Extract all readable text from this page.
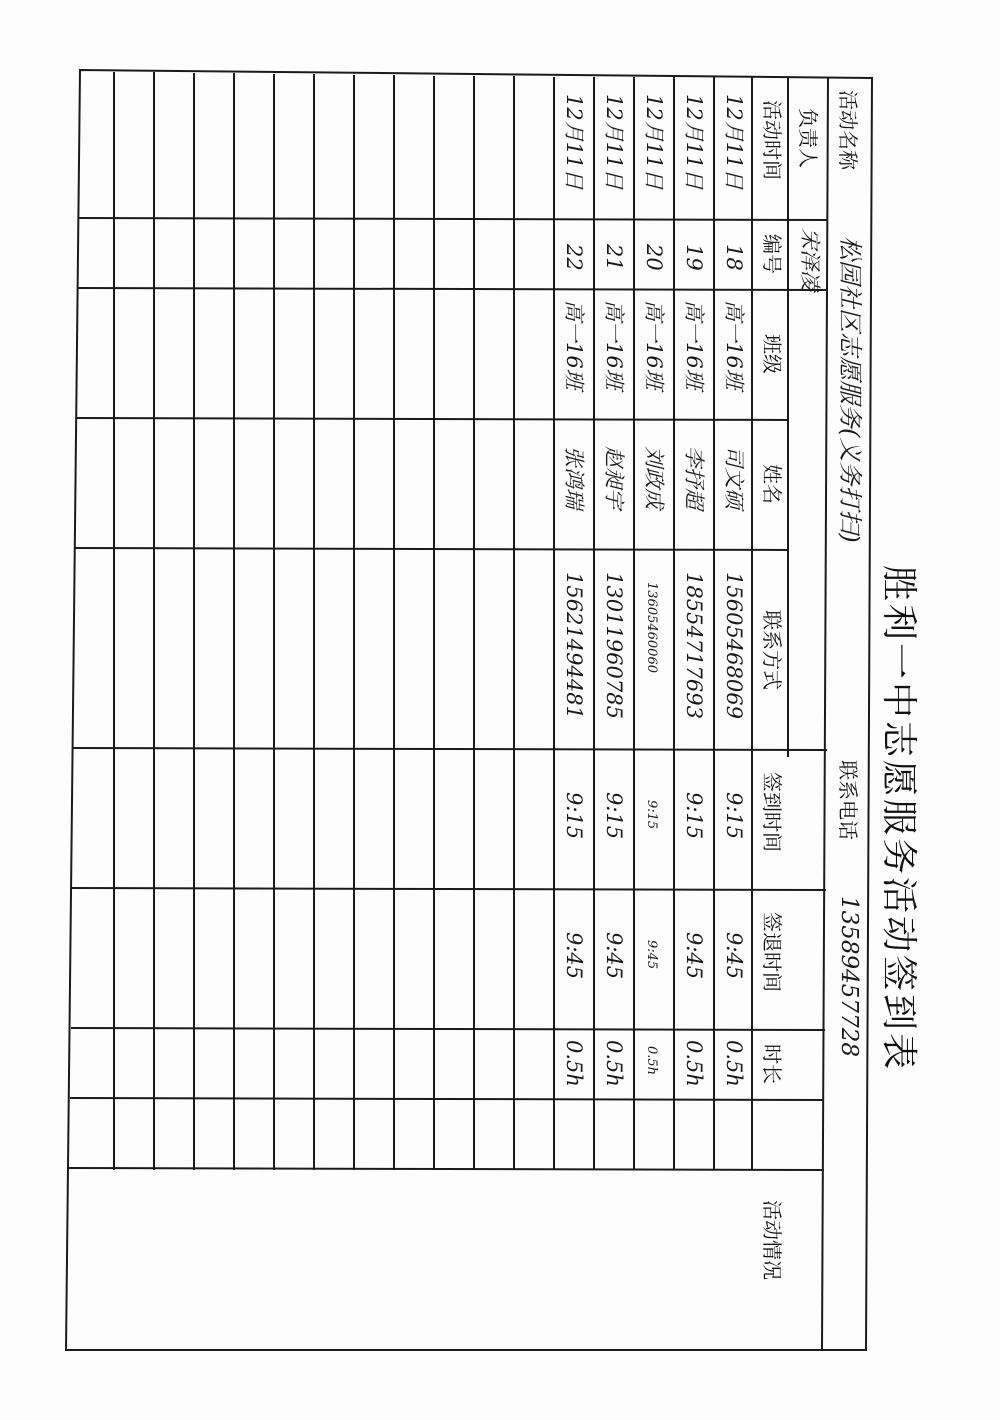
胜利一中志愿服务活动签到表
活动名称
松园社区志愿服务(义务打扫)
联系电话
13589457728
负责人
宋泽凌
活动时间
编号
班级
姓名
联系方式
签到时间
签退时间
时长
活动情况
12月11日
18
高一16班
司文硕
15605468069
9:15
9:45
0.5h
12月11日
19
高一16班
李抒超
18554717693
9:15
9:45
0.5h
12月11日
20
高一16班
刘政成
13605460060
9:15
9:45
0.5h
12月11日
21
高一16班
赵昶宇
13011960785
9:15
9:45
0.5h
12月11日
22
高一16班
张鸿瑞
15621494481
9:15
9:45
0.5h
